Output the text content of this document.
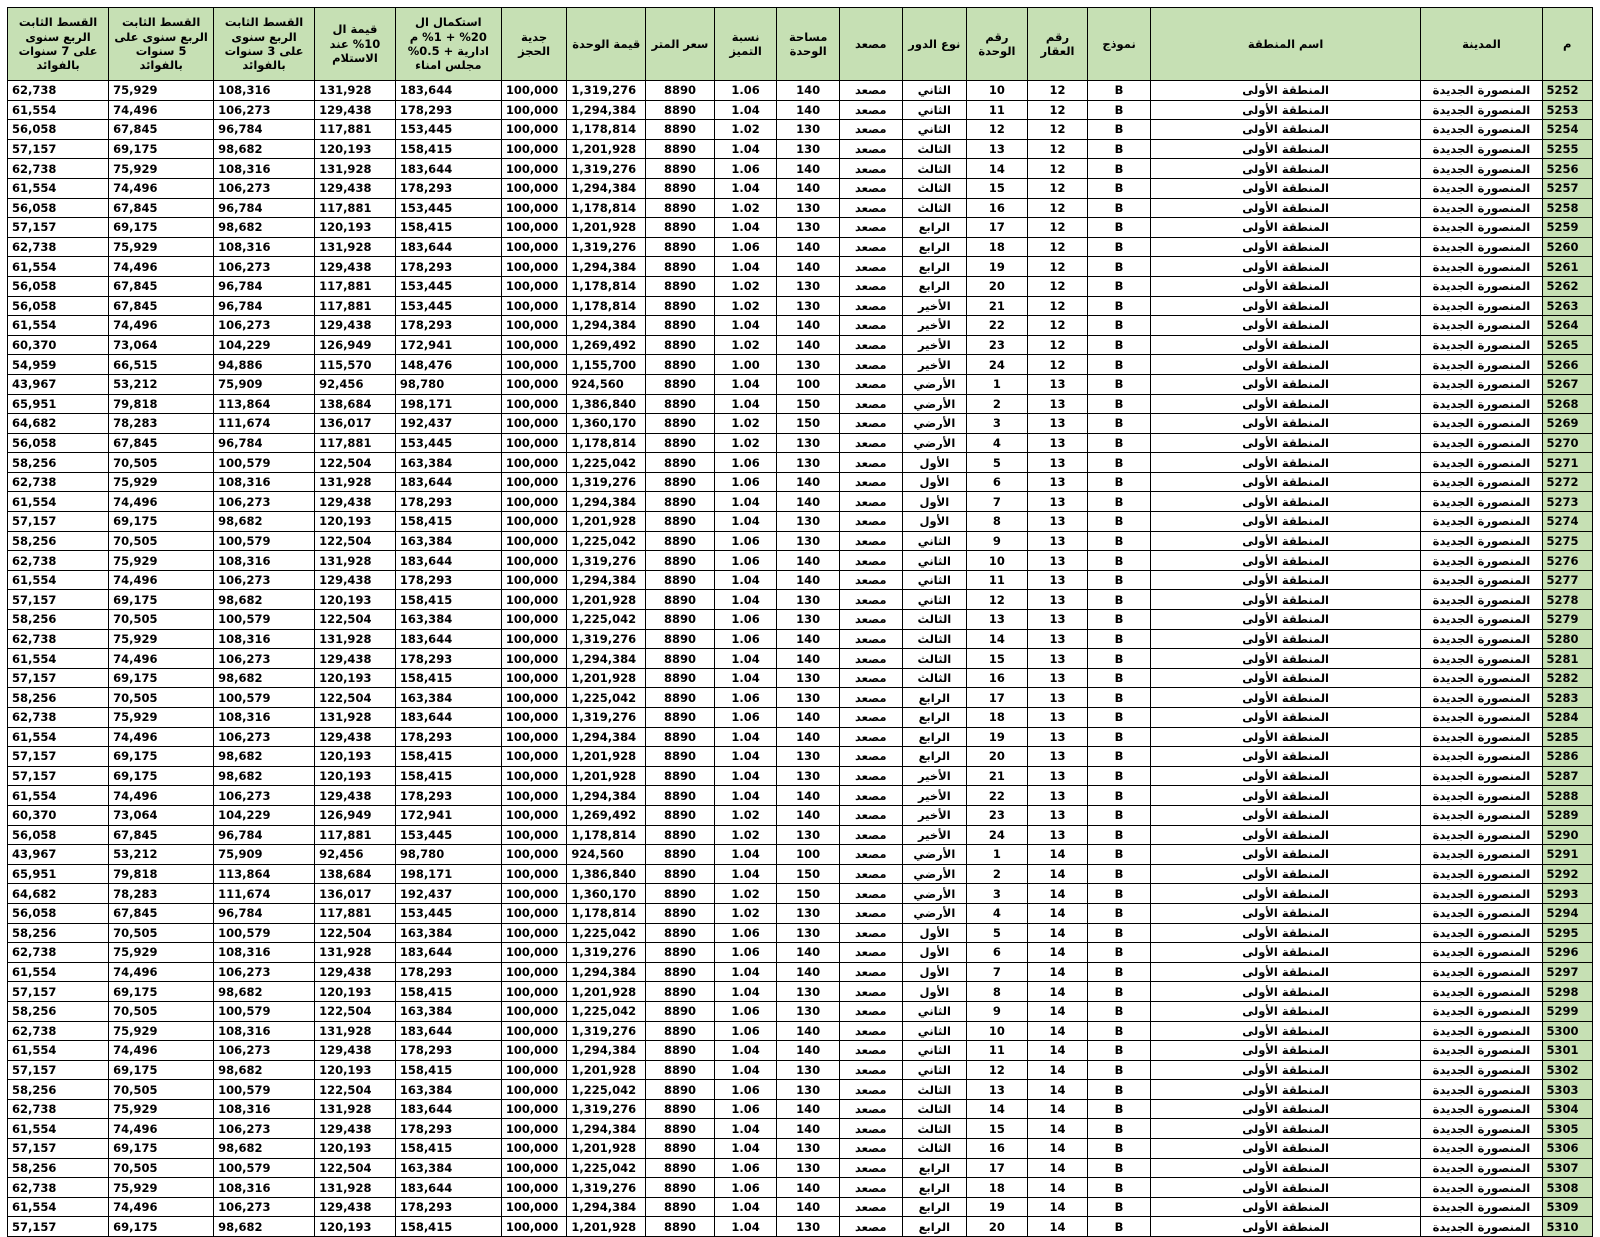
م	المدينة	اسم المنطقة	نموذج	رقم العقار	رقم الوحدة	نوع الدور	مصعد	مساحة الوحدة	نسبة التميز	سعر المتر	قيمة الوحدة	جدية الحجز	استكمال ال 20% + 1% م ادارية + 0.5% مجلس امناء	قيمة ال 10% عند الاستلام	القسط الثابت الربع سنوى على 3 سنوات بالفوائد	القسط الثابت الربع سنوى على 5 سنوات بالفوائد	القسط الثابت الربع سنوى على 7 سنوات بالفوائد
5252	المنصورة الجديدة	المنطقة الأولى	B	12	10	الثاني	مصعد	140	1.06	8890	1,319,276	100,000	183,644	131,928	108,316	75,929	62,738
5253	المنصورة الجديدة	المنطقة الأولى	B	12	11	الثاني	مصعد	140	1.04	8890	1,294,384	100,000	178,293	129,438	106,273	74,496	61,554
5254	المنصورة الجديدة	المنطقة الأولى	B	12	12	الثاني	مصعد	130	1.02	8890	1,178,814	100,000	153,445	117,881	96,784	67,845	56,058
5255	المنصورة الجديدة	المنطقة الأولى	B	12	13	الثالث	مصعد	130	1.04	8890	1,201,928	100,000	158,415	120,193	98,682	69,175	57,157
5256	المنصورة الجديدة	المنطقة الأولى	B	12	14	الثالث	مصعد	140	1.06	8890	1,319,276	100,000	183,644	131,928	108,316	75,929	62,738
5257	المنصورة الجديدة	المنطقة الأولى	B	12	15	الثالث	مصعد	140	1.04	8890	1,294,384	100,000	178,293	129,438	106,273	74,496	61,554
5258	المنصورة الجديدة	المنطقة الأولى	B	12	16	الثالث	مصعد	130	1.02	8890	1,178,814	100,000	153,445	117,881	96,784	67,845	56,058
5259	المنصورة الجديدة	المنطقة الأولى	B	12	17	الرابع	مصعد	130	1.04	8890	1,201,928	100,000	158,415	120,193	98,682	69,175	57,157
5260	المنصورة الجديدة	المنطقة الأولى	B	12	18	الرابع	مصعد	140	1.06	8890	1,319,276	100,000	183,644	131,928	108,316	75,929	62,738
5261	المنصورة الجديدة	المنطقة الأولى	B	12	19	الرابع	مصعد	140	1.04	8890	1,294,384	100,000	178,293	129,438	106,273	74,496	61,554
5262	المنصورة الجديدة	المنطقة الأولى	B	12	20	الرابع	مصعد	130	1.02	8890	1,178,814	100,000	153,445	117,881	96,784	67,845	56,058
5263	المنصورة الجديدة	المنطقة الأولى	B	12	21	الأخير	مصعد	130	1.02	8890	1,178,814	100,000	153,445	117,881	96,784	67,845	56,058
5264	المنصورة الجديدة	المنطقة الأولى	B	12	22	الأخير	مصعد	140	1.04	8890	1,294,384	100,000	178,293	129,438	106,273	74,496	61,554
5265	المنصورة الجديدة	المنطقة الأولى	B	12	23	الأخير	مصعد	140	1.02	8890	1,269,492	100,000	172,941	126,949	104,229	73,064	60,370
5266	المنصورة الجديدة	المنطقة الأولى	B	12	24	الأخير	مصعد	130	1.00	8890	1,155,700	100,000	148,476	115,570	94,886	66,515	54,959
5267	المنصورة الجديدة	المنطقة الأولى	B	13	1	الأرضي	مصعد	100	1.04	8890	924,560	100,000	98,780	92,456	75,909	53,212	43,967
5268	المنصورة الجديدة	المنطقة الأولى	B	13	2	الأرضي	مصعد	150	1.04	8890	1,386,840	100,000	198,171	138,684	113,864	79,818	65,951
5269	المنصورة الجديدة	المنطقة الأولى	B	13	3	الأرضي	مصعد	150	1.02	8890	1,360,170	100,000	192,437	136,017	111,674	78,283	64,682
5270	المنصورة الجديدة	المنطقة الأولى	B	13	4	الأرضي	مصعد	130	1.02	8890	1,178,814	100,000	153,445	117,881	96,784	67,845	56,058
5271	المنصورة الجديدة	المنطقة الأولى	B	13	5	الأول	مصعد	130	1.06	8890	1,225,042	100,000	163,384	122,504	100,579	70,505	58,256
5272	المنصورة الجديدة	المنطقة الأولى	B	13	6	الأول	مصعد	140	1.06	8890	1,319,276	100,000	183,644	131,928	108,316	75,929	62,738
5273	المنصورة الجديدة	المنطقة الأولى	B	13	7	الأول	مصعد	140	1.04	8890	1,294,384	100,000	178,293	129,438	106,273	74,496	61,554
5274	المنصورة الجديدة	المنطقة الأولى	B	13	8	الأول	مصعد	130	1.04	8890	1,201,928	100,000	158,415	120,193	98,682	69,175	57,157
5275	المنصورة الجديدة	المنطقة الأولى	B	13	9	الثاني	مصعد	130	1.06	8890	1,225,042	100,000	163,384	122,504	100,579	70,505	58,256
5276	المنصورة الجديدة	المنطقة الأولى	B	13	10	الثاني	مصعد	140	1.06	8890	1,319,276	100,000	183,644	131,928	108,316	75,929	62,738
5277	المنصورة الجديدة	المنطقة الأولى	B	13	11	الثاني	مصعد	140	1.04	8890	1,294,384	100,000	178,293	129,438	106,273	74,496	61,554
5278	المنصورة الجديدة	المنطقة الأولى	B	13	12	الثاني	مصعد	130	1.04	8890	1,201,928	100,000	158,415	120,193	98,682	69,175	57,157
5279	المنصورة الجديدة	المنطقة الأولى	B	13	13	الثالث	مصعد	130	1.06	8890	1,225,042	100,000	163,384	122,504	100,579	70,505	58,256
5280	المنصورة الجديدة	المنطقة الأولى	B	13	14	الثالث	مصعد	140	1.06	8890	1,319,276	100,000	183,644	131,928	108,316	75,929	62,738
5281	المنصورة الجديدة	المنطقة الأولى	B	13	15	الثالث	مصعد	140	1.04	8890	1,294,384	100,000	178,293	129,438	106,273	74,496	61,554
5282	المنصورة الجديدة	المنطقة الأولى	B	13	16	الثالث	مصعد	130	1.04	8890	1,201,928	100,000	158,415	120,193	98,682	69,175	57,157
5283	المنصورة الجديدة	المنطقة الأولى	B	13	17	الرابع	مصعد	130	1.06	8890	1,225,042	100,000	163,384	122,504	100,579	70,505	58,256
5284	المنصورة الجديدة	المنطقة الأولى	B	13	18	الرابع	مصعد	140	1.06	8890	1,319,276	100,000	183,644	131,928	108,316	75,929	62,738
5285	المنصورة الجديدة	المنطقة الأولى	B	13	19	الرابع	مصعد	140	1.04	8890	1,294,384	100,000	178,293	129,438	106,273	74,496	61,554
5286	المنصورة الجديدة	المنطقة الأولى	B	13	20	الرابع	مصعد	130	1.04	8890	1,201,928	100,000	158,415	120,193	98,682	69,175	57,157
5287	المنصورة الجديدة	المنطقة الأولى	B	13	21	الأخير	مصعد	130	1.04	8890	1,201,928	100,000	158,415	120,193	98,682	69,175	57,157
5288	المنصورة الجديدة	المنطقة الأولى	B	13	22	الأخير	مصعد	140	1.04	8890	1,294,384	100,000	178,293	129,438	106,273	74,496	61,554
5289	المنصورة الجديدة	المنطقة الأولى	B	13	23	الأخير	مصعد	140	1.02	8890	1,269,492	100,000	172,941	126,949	104,229	73,064	60,370
5290	المنصورة الجديدة	المنطقة الأولى	B	13	24	الأخير	مصعد	130	1.02	8890	1,178,814	100,000	153,445	117,881	96,784	67,845	56,058
5291	المنصورة الجديدة	المنطقة الأولى	B	14	1	الأرضي	مصعد	100	1.04	8890	924,560	100,000	98,780	92,456	75,909	53,212	43,967
5292	المنصورة الجديدة	المنطقة الأولى	B	14	2	الأرضي	مصعد	150	1.04	8890	1,386,840	100,000	198,171	138,684	113,864	79,818	65,951
5293	المنصورة الجديدة	المنطقة الأولى	B	14	3	الأرضي	مصعد	150	1.02	8890	1,360,170	100,000	192,437	136,017	111,674	78,283	64,682
5294	المنصورة الجديدة	المنطقة الأولى	B	14	4	الأرضي	مصعد	130	1.02	8890	1,178,814	100,000	153,445	117,881	96,784	67,845	56,058
5295	المنصورة الجديدة	المنطقة الأولى	B	14	5	الأول	مصعد	130	1.06	8890	1,225,042	100,000	163,384	122,504	100,579	70,505	58,256
5296	المنصورة الجديدة	المنطقة الأولى	B	14	6	الأول	مصعد	140	1.06	8890	1,319,276	100,000	183,644	131,928	108,316	75,929	62,738
5297	المنصورة الجديدة	المنطقة الأولى	B	14	7	الأول	مصعد	140	1.04	8890	1,294,384	100,000	178,293	129,438	106,273	74,496	61,554
5298	المنصورة الجديدة	المنطقة الأولى	B	14	8	الأول	مصعد	130	1.04	8890	1,201,928	100,000	158,415	120,193	98,682	69,175	57,157
5299	المنصورة الجديدة	المنطقة الأولى	B	14	9	الثاني	مصعد	130	1.06	8890	1,225,042	100,000	163,384	122,504	100,579	70,505	58,256
5300	المنصورة الجديدة	المنطقة الأولى	B	14	10	الثاني	مصعد	140	1.06	8890	1,319,276	100,000	183,644	131,928	108,316	75,929	62,738
5301	المنصورة الجديدة	المنطقة الأولى	B	14	11	الثاني	مصعد	140	1.04	8890	1,294,384	100,000	178,293	129,438	106,273	74,496	61,554
5302	المنصورة الجديدة	المنطقة الأولى	B	14	12	الثاني	مصعد	130	1.04	8890	1,201,928	100,000	158,415	120,193	98,682	69,175	57,157
5303	المنصورة الجديدة	المنطقة الأولى	B	14	13	الثالث	مصعد	130	1.06	8890	1,225,042	100,000	163,384	122,504	100,579	70,505	58,256
5304	المنصورة الجديدة	المنطقة الأولى	B	14	14	الثالث	مصعد	140	1.06	8890	1,319,276	100,000	183,644	131,928	108,316	75,929	62,738
5305	المنصورة الجديدة	المنطقة الأولى	B	14	15	الثالث	مصعد	140	1.04	8890	1,294,384	100,000	178,293	129,438	106,273	74,496	61,554
5306	المنصورة الجديدة	المنطقة الأولى	B	14	16	الثالث	مصعد	130	1.04	8890	1,201,928	100,000	158,415	120,193	98,682	69,175	57,157
5307	المنصورة الجديدة	المنطقة الأولى	B	14	17	الرابع	مصعد	130	1.06	8890	1,225,042	100,000	163,384	122,504	100,579	70,505	58,256
5308	المنصورة الجديدة	المنطقة الأولى	B	14	18	الرابع	مصعد	140	1.06	8890	1,319,276	100,000	183,644	131,928	108,316	75,929	62,738
5309	المنصورة الجديدة	المنطقة الأولى	B	14	19	الرابع	مصعد	140	1.04	8890	1,294,384	100,000	178,293	129,438	106,273	74,496	61,554
5310	المنصورة الجديدة	المنطقة الأولى	B	14	20	الرابع	مصعد	130	1.04	8890	1,201,928	100,000	158,415	120,193	98,682	69,175	57,157
